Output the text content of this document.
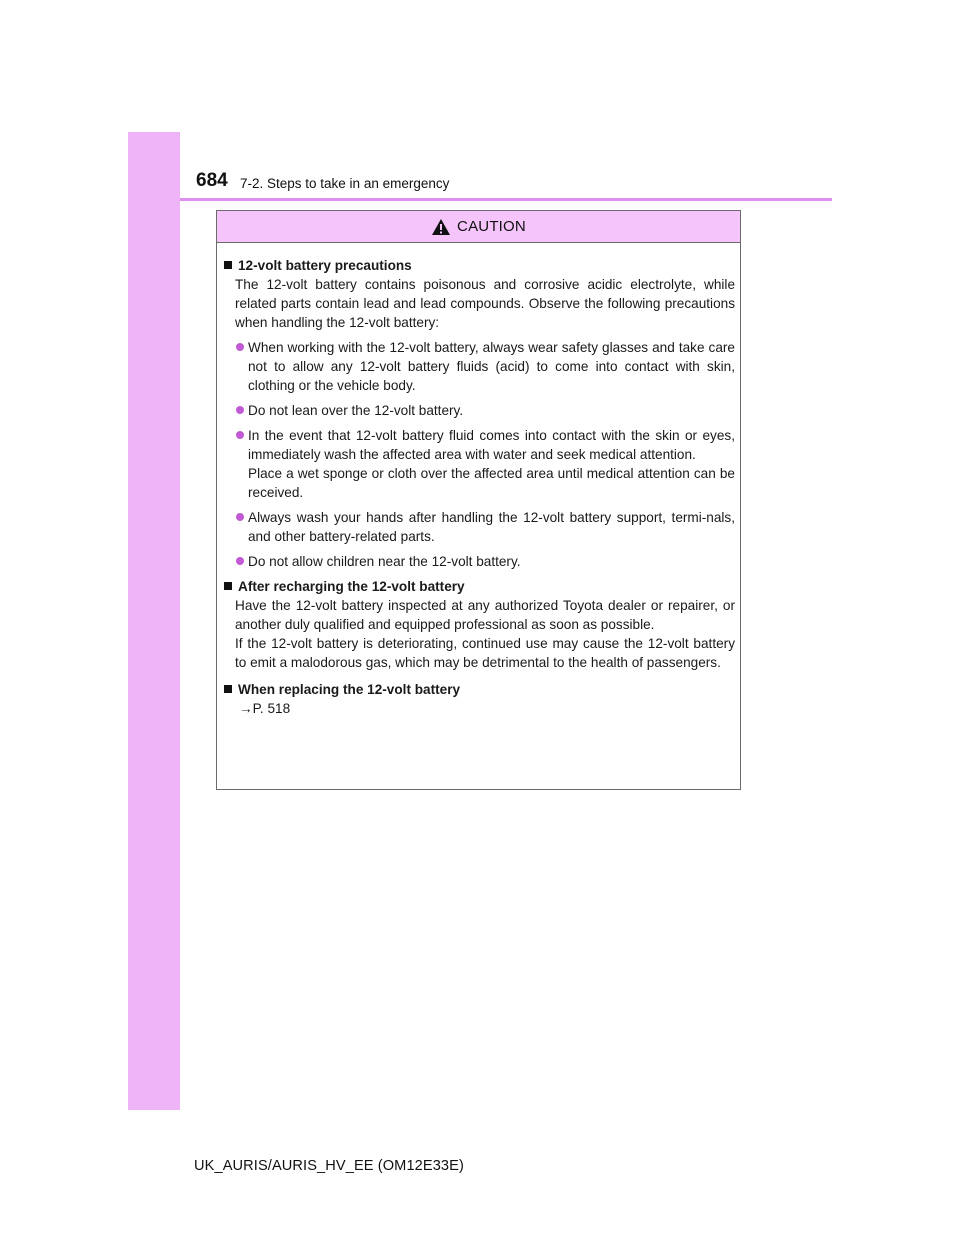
684 7-2. Steps to take in an emergency
CAUTION
12-volt battery precautions

The 12-volt battery contains poisonous and corrosive acidic electrolyte, while related parts contain lead and lead compounds. Observe the following precautions when handling the 12-volt battery:

When working with the 12-volt battery, always wear safety glasses and take care not to allow any 12-volt battery fluids (acid) to come into contact with skin, clothing or the vehicle body.

Do not lean over the 12-volt battery.

In the event that 12-volt battery fluid comes into contact with the skin or eyes, immediately wash the affected area with water and seek medical attention.

Place a wet sponge or cloth over the affected area until medical attention can be received.

Always wash your hands after handling the 12-volt battery support, termi-nals, and other battery-related parts.

Do not allow children near the 12-volt battery.

After recharging the 12-volt battery

Have the 12-volt battery inspected at any authorized Toyota dealer or repairer, or another duly qualified and equipped professional as soon as possible.

If the 12-volt battery is deteriorating, continued use may cause the 12-volt battery to emit a malodorous gas, which may be detrimental to the health of passengers.

When replacing the 12-volt battery
→P. 518
UK_AURIS/AURIS_HV_EE (OM12E33E)
